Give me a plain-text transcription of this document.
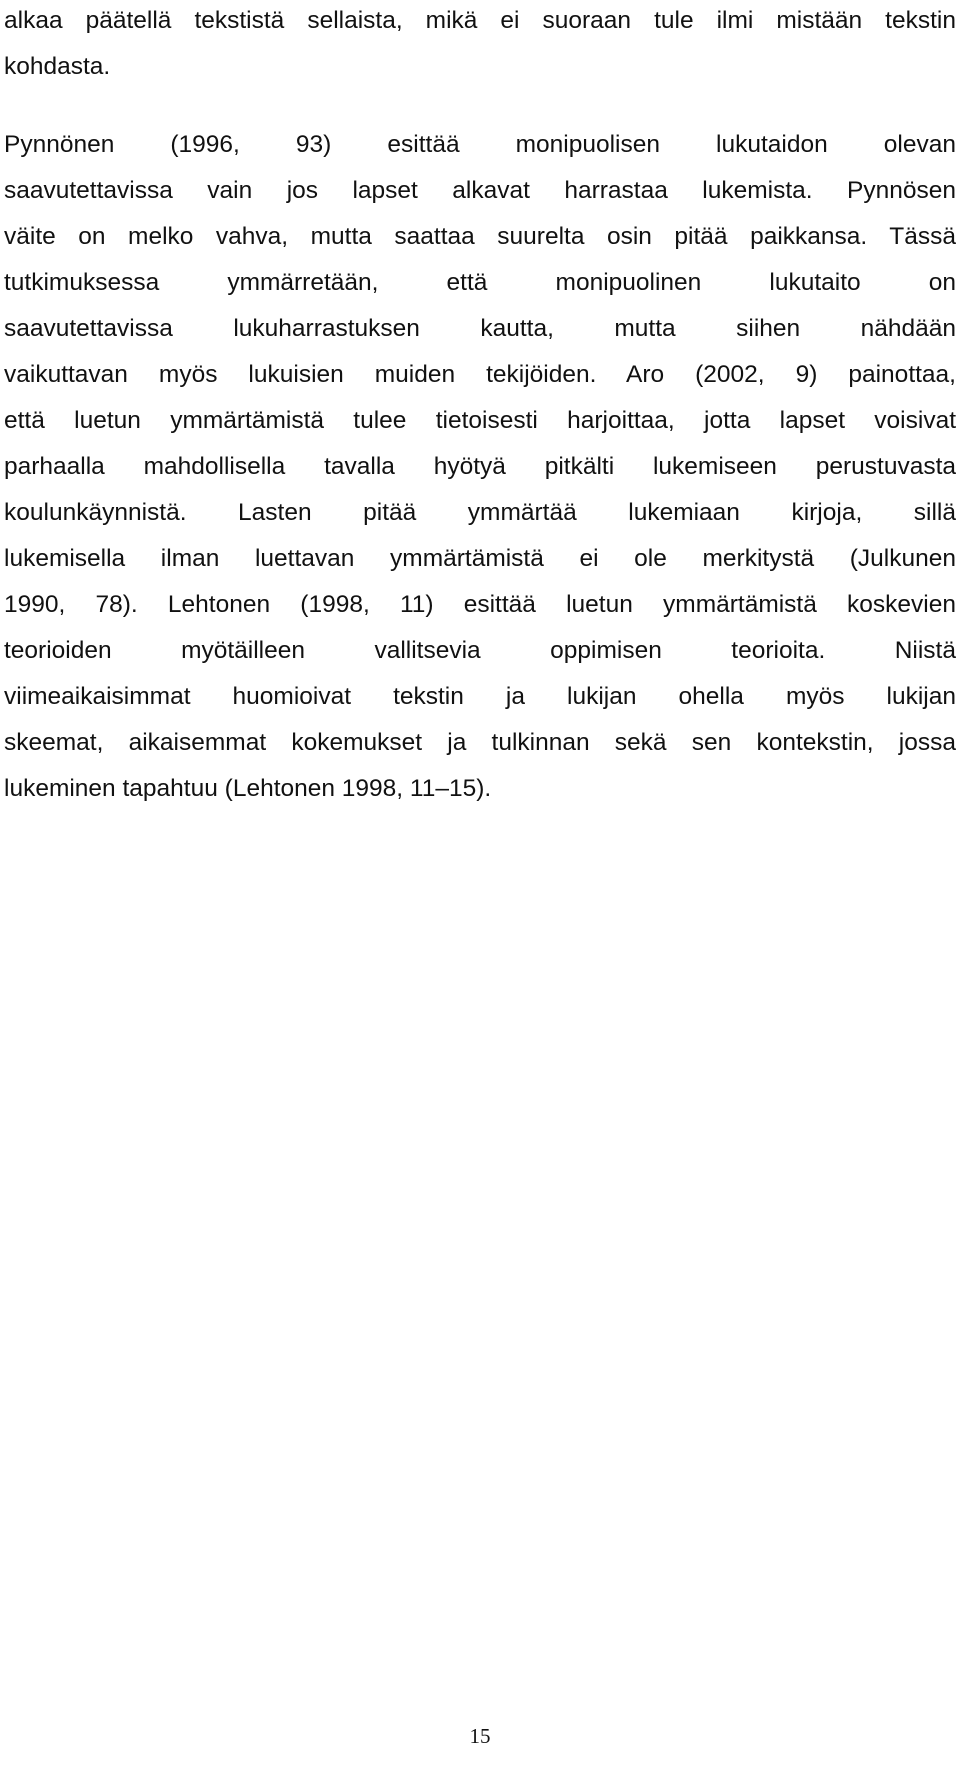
alkaa päätellä tekstistä sellaista, mikä ei suoraan tule ilmi mistään tekstin
kohdasta.
Pynnönen (1996, 93) esittää monipuolisen lukutaidon olevan
saavutettavissa vain jos lapset alkavat harrastaa lukemista. Pynnösen
väite on melko vahva, mutta saattaa suurelta osin pitää paikkansa. Tässä
tutkimuksessa ymmärretään, että monipuolinen lukutaito on
saavutettavissa lukuharrastuksen kautta, mutta siihen nähdään
vaikuttavan myös lukuisien muiden tekijöiden. Aro (2002, 9) painottaa,
että luetun ymmärtämistä tulee tietoisesti harjoittaa, jotta lapset voisivat
parhaalla mahdollisella tavalla hyötyä pitkälti lukemiseen perustuvasta
koulunkäynnistä. Lasten pitää ymmärtää lukemiaan kirjoja, sillä
lukemisella ilman luettavan ymmärtämistä ei ole merkitystä (Julkunen
1990, 78). Lehtonen (1998, 11) esittää luetun ymmärtämistä koskevien
teorioiden myötäilleen vallitsevia oppimisen teorioita. Niistä
viimeaikaisimmat huomioivat tekstin ja lukijan ohella myös lukijan
skeemat, aikaisemmat kokemukset ja tulkinnan sekä sen kontekstin, jossa
lukeminen tapahtuu (Lehtonen 1998, 11–15).
15
